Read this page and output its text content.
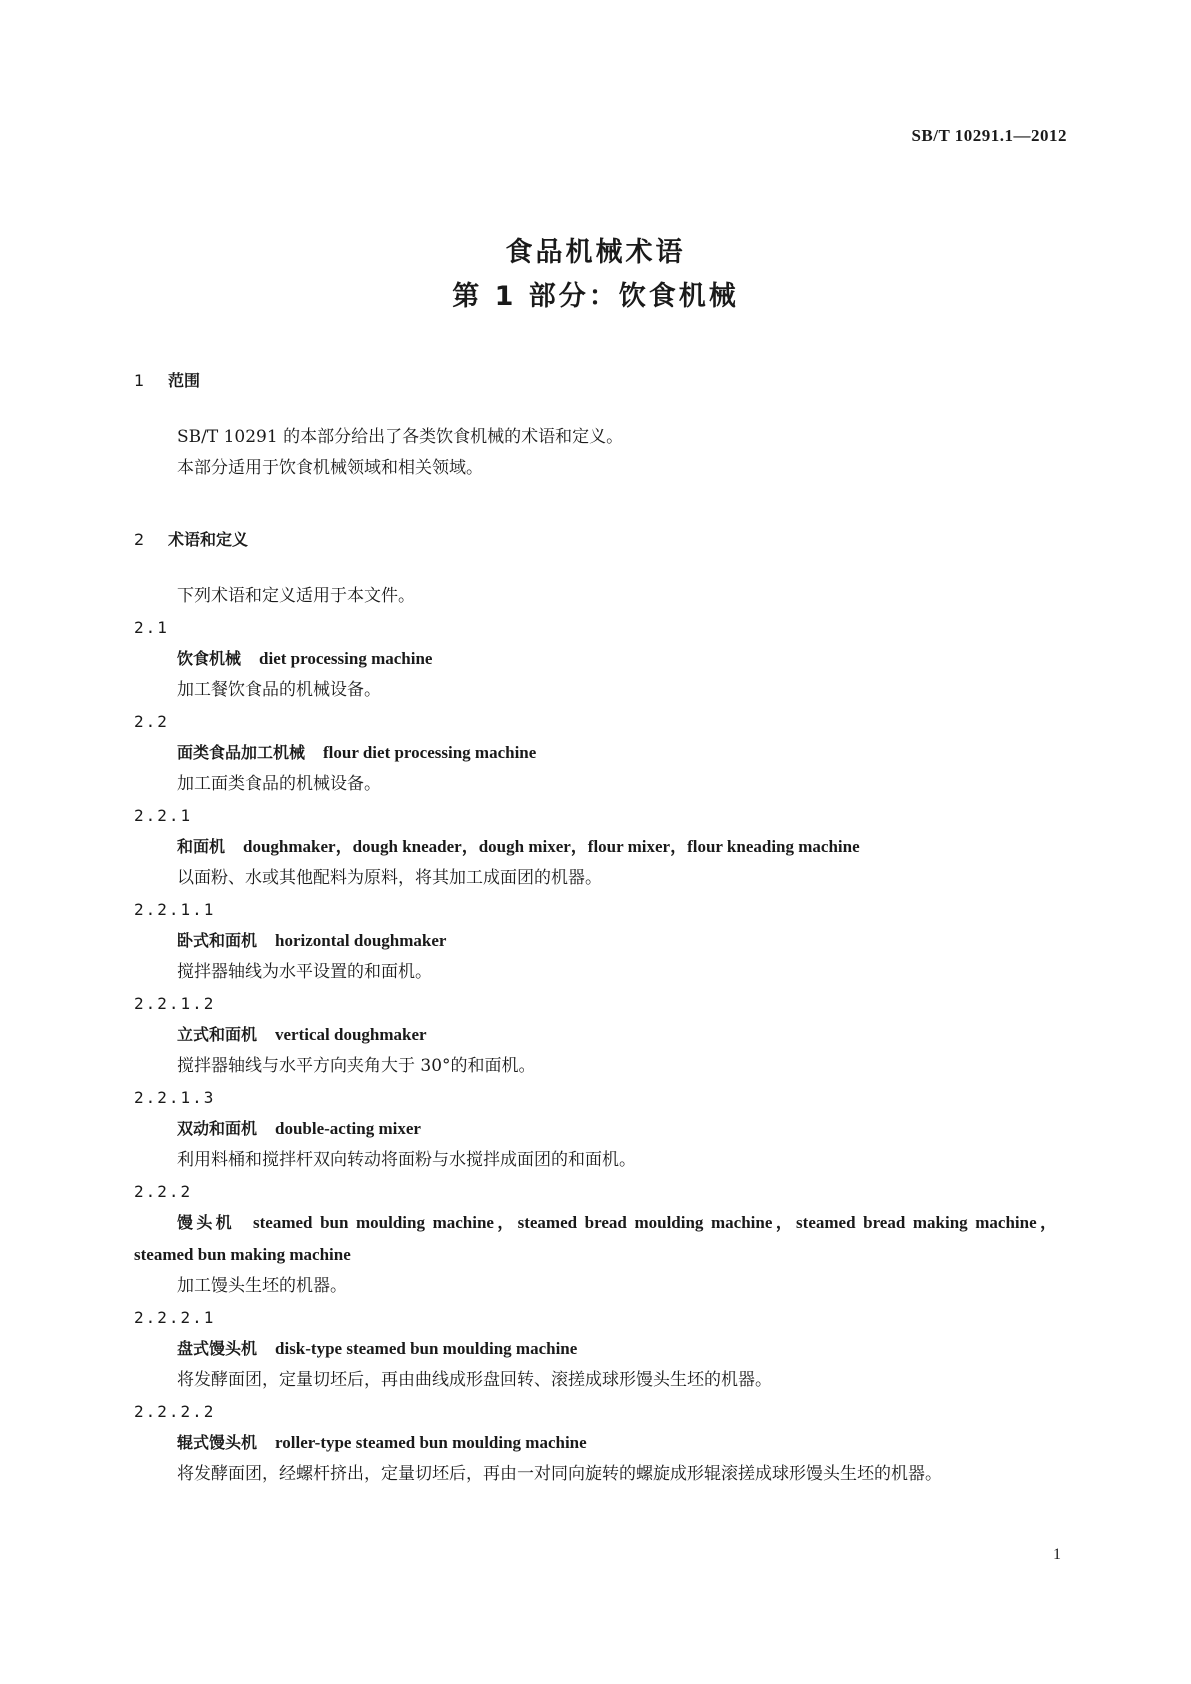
SB/T 10291.1—2012
食品机械术语
第 1 部分：饮食机械
1 范围
SB/T 10291 的本部分给出了各类饮食机械的术语和定义。
本部分适用于饮食机械领域和相关领域。
2 术语和定义
下列术语和定义适用于本文件。
2.1
饮食机械 diet processing machine
加工餐饮食品的机械设备。
2.2
面类食品加工机械 flour diet processing machine
加工面类食品的机械设备。
2.2.1
和面机 doughmaker，dough kneader，dough mixer，flour mixer，flour kneading machine
以面粉、水或其他配料为原料，将其加工成面团的机器。
2.2.1.1
卧式和面机 horizontal doughmaker
搅拌器轴线为水平设置的和面机。
2.2.1.2
立式和面机 vertical doughmaker
搅拌器轴线与水平方向夹角大于 30°的和面机。
2.2.1.3
双动和面机 double-acting mixer
利用料桶和搅拌杆双向转动将面粉与水搅拌成面团的和面机。
2.2.2
馒头机 steamed bun moulding machine，steamed bread moulding machine，steamed bread making machine，steamed bun making machine
加工馒头生坯的机器。
2.2.2.1
盘式馒头机 disk-type steamed bun moulding machine
将发酵面团，定量切坯后，再由曲线成形盘回转、滚搓成球形馒头生坯的机器。
2.2.2.2
辊式馒头机 roller-type steamed bun moulding machine
将发酵面团，经螺杆挤出，定量切坯后，再由一对同向旋转的螺旋成形辊滚搓成球形馒头生坯的机器。
1
